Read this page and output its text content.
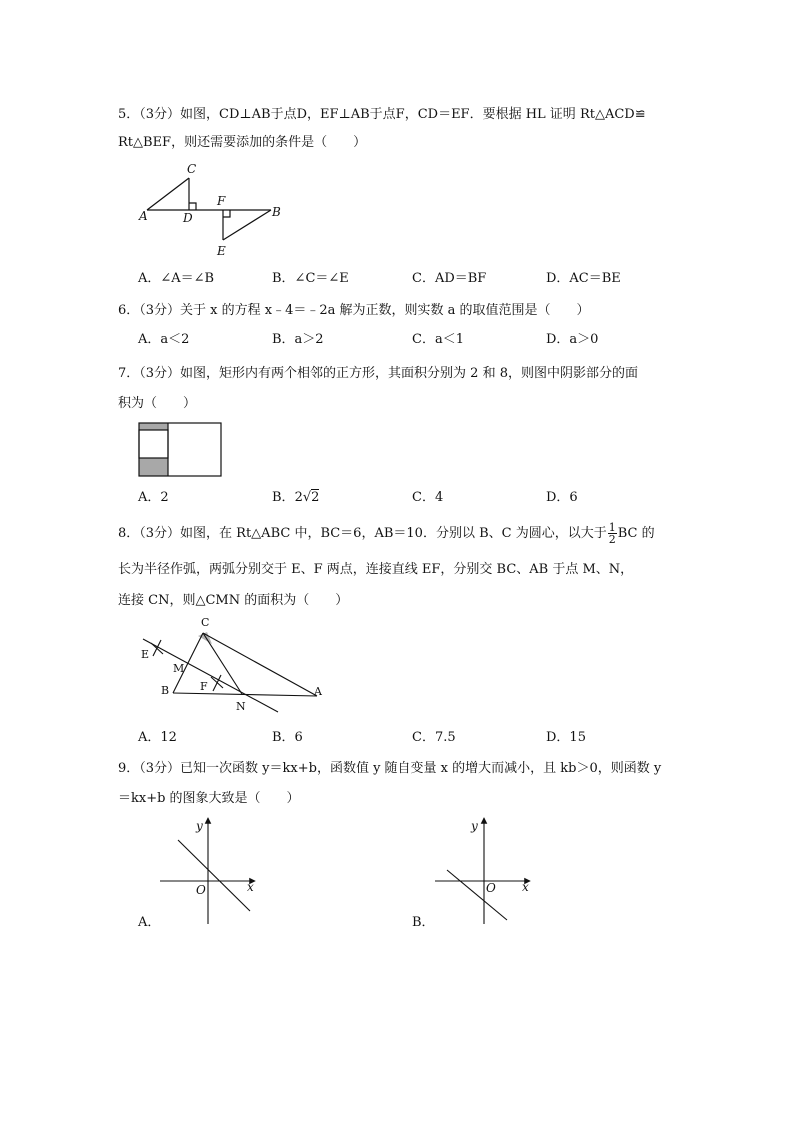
5．（3分）如图，CD⊥AB于点D，EF⊥AB于点F，CD＝EF．要根据 HL 证明 Rt△ACD≌
Rt△BEF，则还需要添加的条件是（　　）
C
A	D
F
B
E
A．∠A＝∠B	B．∠C＝∠E	C．AD＝BF	D．AC＝BE
6．（3分）关于 x 的方程 x﹣4＝﹣2a 解为正数，则实数 a 的取值范围是（　　）
A．a＜2	B．a＞2	C．a＜1	D．a＞0
7．（3分）如图，矩形内有两个相邻的正方形，其面积分别为 2 和 8，则图中阴影部分的面
积为（　　）
A．2	B．2√2	C．4	D．6
8．（3分）如图，在 Rt△ABC 中，BC＝6，AB＝10．分别以 B、C 为圆心，以大于 $\frac{1}{2}$ BC 的
长为半径作弧，两弧分别交于 E、F 两点，连接直线 EF，分别交 BC、AB 于点 M、N，
连接 CN，则△CMN 的面积为（　　）
C
E
M
B	F
N
A
A．12	B．6	C．7.5	D．15
9．（3分）已知一次函数 y＝kx+b，函数值 y 随自变量 x 的增大而减小，且 kb＞0，则函数 y
＝kx+b 的图象大致是（　　）
y
x
O
y
x
O
A．	B．
